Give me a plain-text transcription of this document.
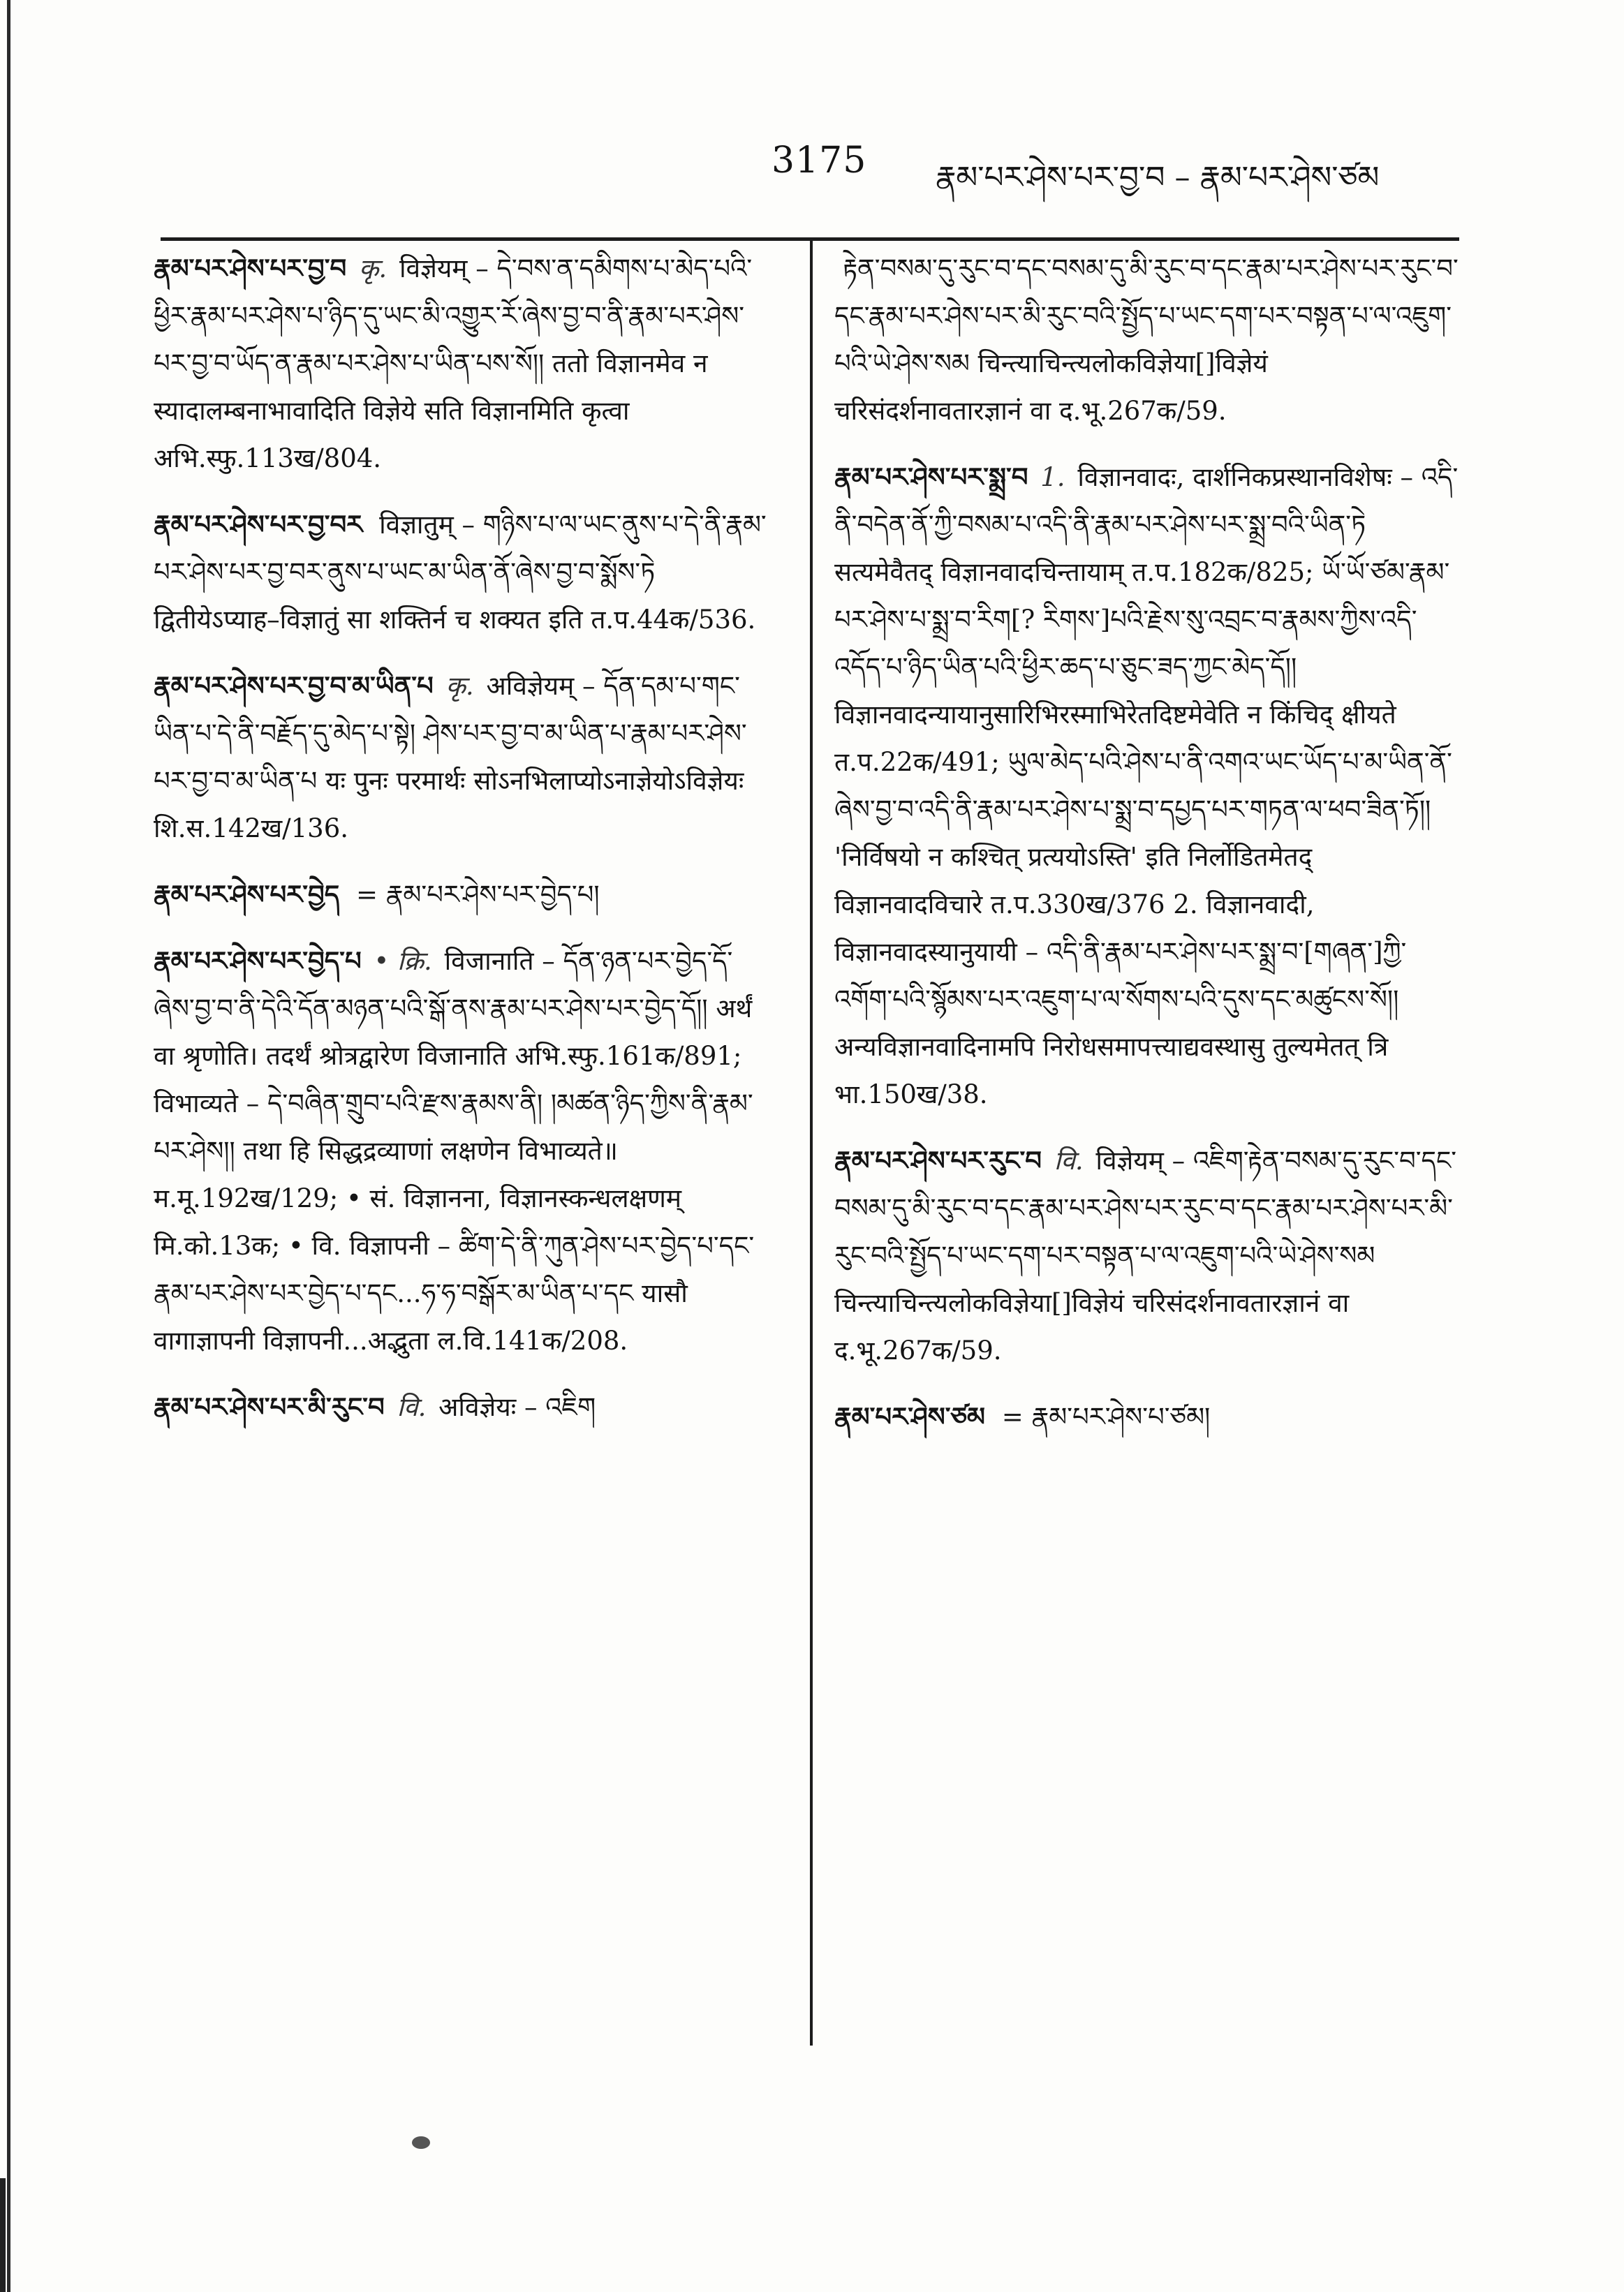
3175 རྣམ་པར་ཤེས་པར་བྱ་བ – རྣམ་པར་ཤེས་ཙམ
རྣམ་པར་ཤེས་པར་བྱ་བ कृ. विज्ञेयम् – དེ་བས་ན་དམིགས་པ་མེད་པའི་ཕྱིར་རྣམ་པར་ཤེས་པ་ཉིད་དུ་ཡང་མི་འགྱུར་རོ་ཞེས་བྱ་བ་ནི་རྣམ་པར་ཤེས་པར་བྱ་བ་ཡོད་ན་རྣམ་པར་ཤེས་པ་ཡིན་པས་སོ།། ततो विज्ञानमेव न स्यादालम्बनाभावादिति विज्ञेये सति विज्ञानमिति कृत्वा अभि.स्फु.113ख/804.
རྣམ་པར་ཤེས་པར་བྱ་བར विज्ञातुम् – གཉིས་པ་ལ་ཡང་ནུས་པ་དེ་ནི་རྣམ་པར་ཤེས་པར་བྱ་བར་ནུས་པ་ཡང་མ་ཡིན་ནོ་ཞེས་བྱ་བ་སྨོས་ཏེ द्वितीयेऽप्याह–विज्ञातुं सा शक्तिर्न च शक्यत इति त.प.44क/536.
རྣམ་པར་ཤེས་པར་བྱ་བ་མ་ཡིན་པ कृ. अविज्ञेयम् – དོན་དམ་པ་གང་ཡིན་པ་དེ་ནི་བརྗོད་དུ་མེད་པ་སྟེ། ཤེས་པར་བྱ་བ་མ་ཡིན་པ་རྣམ་པར་ཤེས་པར་བྱ་བ་མ་ཡིན་པ यः पुनः परमार्थः सोऽनभिलाप्योऽनाज्ञेयोऽविज्ञेयः शि.स.142ख/136.
རྣམ་པར་ཤེས་པར་བྱེད = རྣམ་པར་ཤེས་པར་བྱེད་པ།
རྣམ་པར་ཤེས་པར་བྱེད་པ • क्रि. विजानाति – དོན་ཉན་པར་བྱེད་དོ་ཞེས་བྱ་བ་ནི་དེའི་དོན་མཉན་པའི་སྒོ་ནས་རྣམ་པར་ཤེས་པར་བྱེད་དོ།། अर्थं वा श्रृणोति। तदर्थं श्रोत्रद्वारेण विजानाति अभि.स्फु.161क/891; विभाव्यते – དེ་བཞིན་གྲུབ་པའི་རྫས་རྣམས་ནི། །མཚན་ཉིད་ཀྱིས་ནི་རྣམ་པར་ཤེས།། तथा हि सिद्धद्रव्याणां लक्षणेन विभाव्यते॥ म.मू.192ख/129; • सं. विज्ञानना, विज्ञानस्कन्धलक्षणम् मि.को.13क; • वि. विज्ञापनी – ཚིག་དེ་ནི་ཀུན་ཤེས་པར་བྱེད་པ་དང་རྣམ་པར་ཤེས་པར་བྱེད་པ་དང...ཧ་ཧ་བསྒོར་མ་ཡིན་པ་དང यासौ वागाज्ञापनी विज्ञापनी...अद्भुता ल.वि.141क/208.
རྣམ་པར་ཤེས་པར་མི་རུང་བ वि. अविज्ञेयः – འཇིག
རྟེན་བསམ་དུ་རུང་བ་དང་བསམ་དུ་མི་རུང་བ་དང་རྣམ་པར་ཤེས་པར་རུང་བ་དང་རྣམ་པར་ཤེས་པར་མི་རུང་བའི་སྤྱོད་པ་ཡང་དག་པར་བསྟན་པ་ལ་འཇུག་པའི་ཡེ་ཤེས་སམ चिन्त्याचिन्त्यलोकविज्ञेया[]विज्ञेयं चरिसंदर्शनावतारज्ञानं वा द.भू.267क/59.
རྣམ་པར་ཤེས་པར་སྨྲ་བ 1. विज्ञानवादः, दार्शनिकप्रस्थानविशेषः – འདི་ནི་བདེན་ནོ་ཀྱི་བསམ་པ་འདི་ནི་རྣམ་པར་ཤེས་པར་སྨྲ་བའི་ཡིན་ཏེ सत्यमेवैतद् विज्ञानवादचिन्तायाम् त.प.182क/825; ཡོ་ཡོ་ཙམ་རྣམ་པར་ཤེས་པ་སྨྲ་བ་རིག[? རིགས་]པའི་རྗེས་སུ་འབྲང་བ་རྣམས་ཀྱིས་འདི་འདོད་པ་ཉིད་ཡིན་པའི་ཕྱིར་ཆད་པ་ཅུང་ཟད་ཀྱང་མེད་དོ།། विज्ञानवादन्यायानुसारिभिरस्माभिरेतदिष्टमेवेति न किंचिद् क्षीयते त.प.22क/491; ཡུལ་མེད་པའི་ཤེས་པ་ནི་འགའ་ཡང་ཡོད་པ་མ་ཡིན་ནོ་ཞེས་བྱ་བ་འདི་ནི་རྣམ་པར་ཤེས་པ་སྨྲ་བ་དཔྱད་པར་གཏན་ལ་ཕབ་ཟིན་ཏོ།། 'निर्विषयो न कश्चित् प्रत्ययोऽस्ति' इति निर्लोडितमेतद् विज्ञानवादविचारे त.प.330ख/376 2. विज्ञानवादी, विज्ञानवादस्यानुयायी – འདི་ནི་རྣམ་པར་ཤེས་པར་སྨྲ་བ་[གཞན་]ཀྱི་འགོག་པའི་སྙོམས་པར་འཇུག་པ་ལ་སོགས་པའི་དུས་དང་མཚུངས་སོ།། अन्यविज्ञानवादिनामपि निरोधसमापत्त्याद्यवस्थासु तुल्यमेतत् त्रि भा.150ख/38.
རྣམ་པར་ཤེས་པར་རུང་བ वि. विज्ञेयम् – འཇིག་རྟེན་བསམ་དུ་རུང་བ་དང་བསམ་དུ་མི་རུང་བ་དང་རྣམ་པར་ཤེས་པར་རུང་བ་དང་རྣམ་པར་ཤེས་པར་མི་རུང་བའི་སྤྱོད་པ་ཡང་དག་པར་བསྟན་པ་ལ་འཇུག་པའི་ཡེ་ཤེས་སམ चिन्त्याचिन्त्यलोकविज्ञेया[]विज्ञेयं चरिसंदर्शनावतारज्ञानं वा द.भू.267क/59.
རྣམ་པར་ཤེས་ཙམ = རྣམ་པར་ཤེས་པ་ཙམ།
